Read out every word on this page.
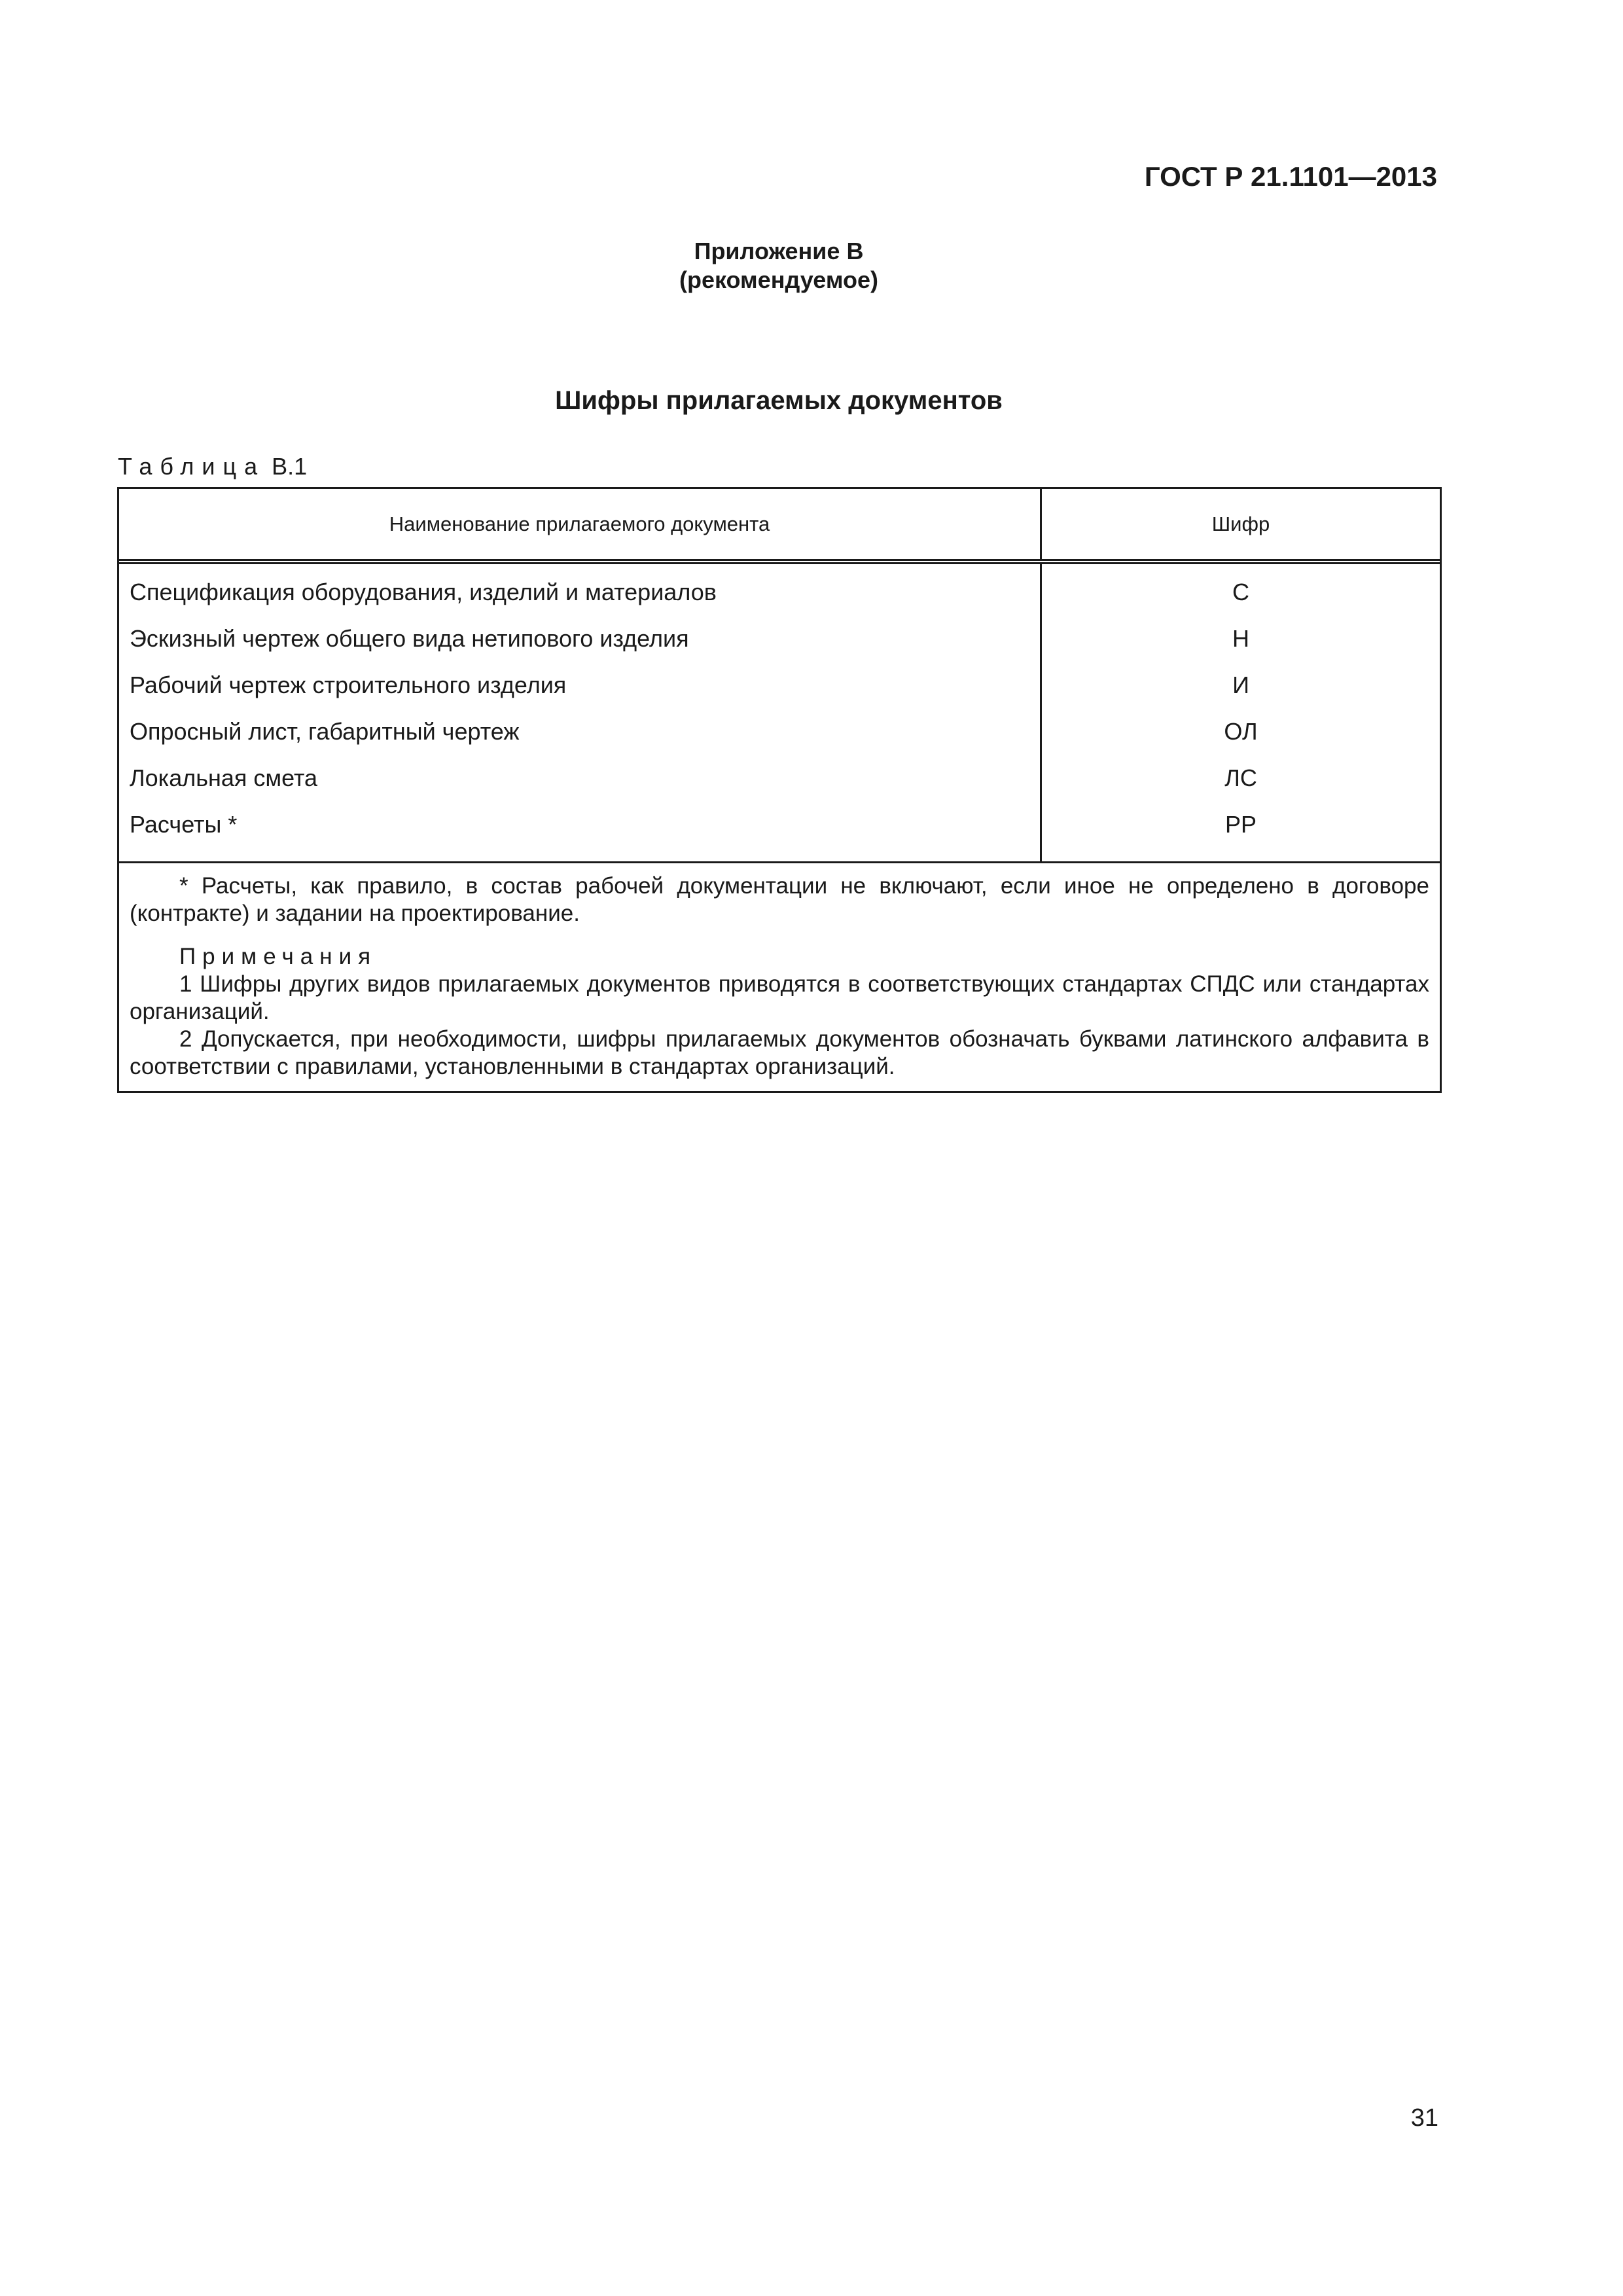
ГОСТ Р 21.1101—2013
Приложение В
(рекомендуемое)
Шифры прилагаемых документов
Таблица В.1
Наименование прилагаемого документа	Шифр
Спецификация оборудования, изделий и материалов
Эскизный чертеж общего вида нетипового изделия
Рабочий чертеж строительного изделия
Опросный лист, габаритный чертеж
Локальная смета
Расчеты *
С
Н
И
ОЛ
ЛС
РР

* Расчеты, как правило, в состав рабочей документации не включают, если иное не определено в договоре (контракте) и задании на проектирование.

Примечания

1 Шифры других видов прилагаемых документов приводятся в соответствующих стандартах СПДС или стандартах организаций.

2 Допускается, при необходимости, шифры прилагаемых документов обозначать буквами латинского алфавита в соответствии с правилами, установленными в стандартах организаций.

31
